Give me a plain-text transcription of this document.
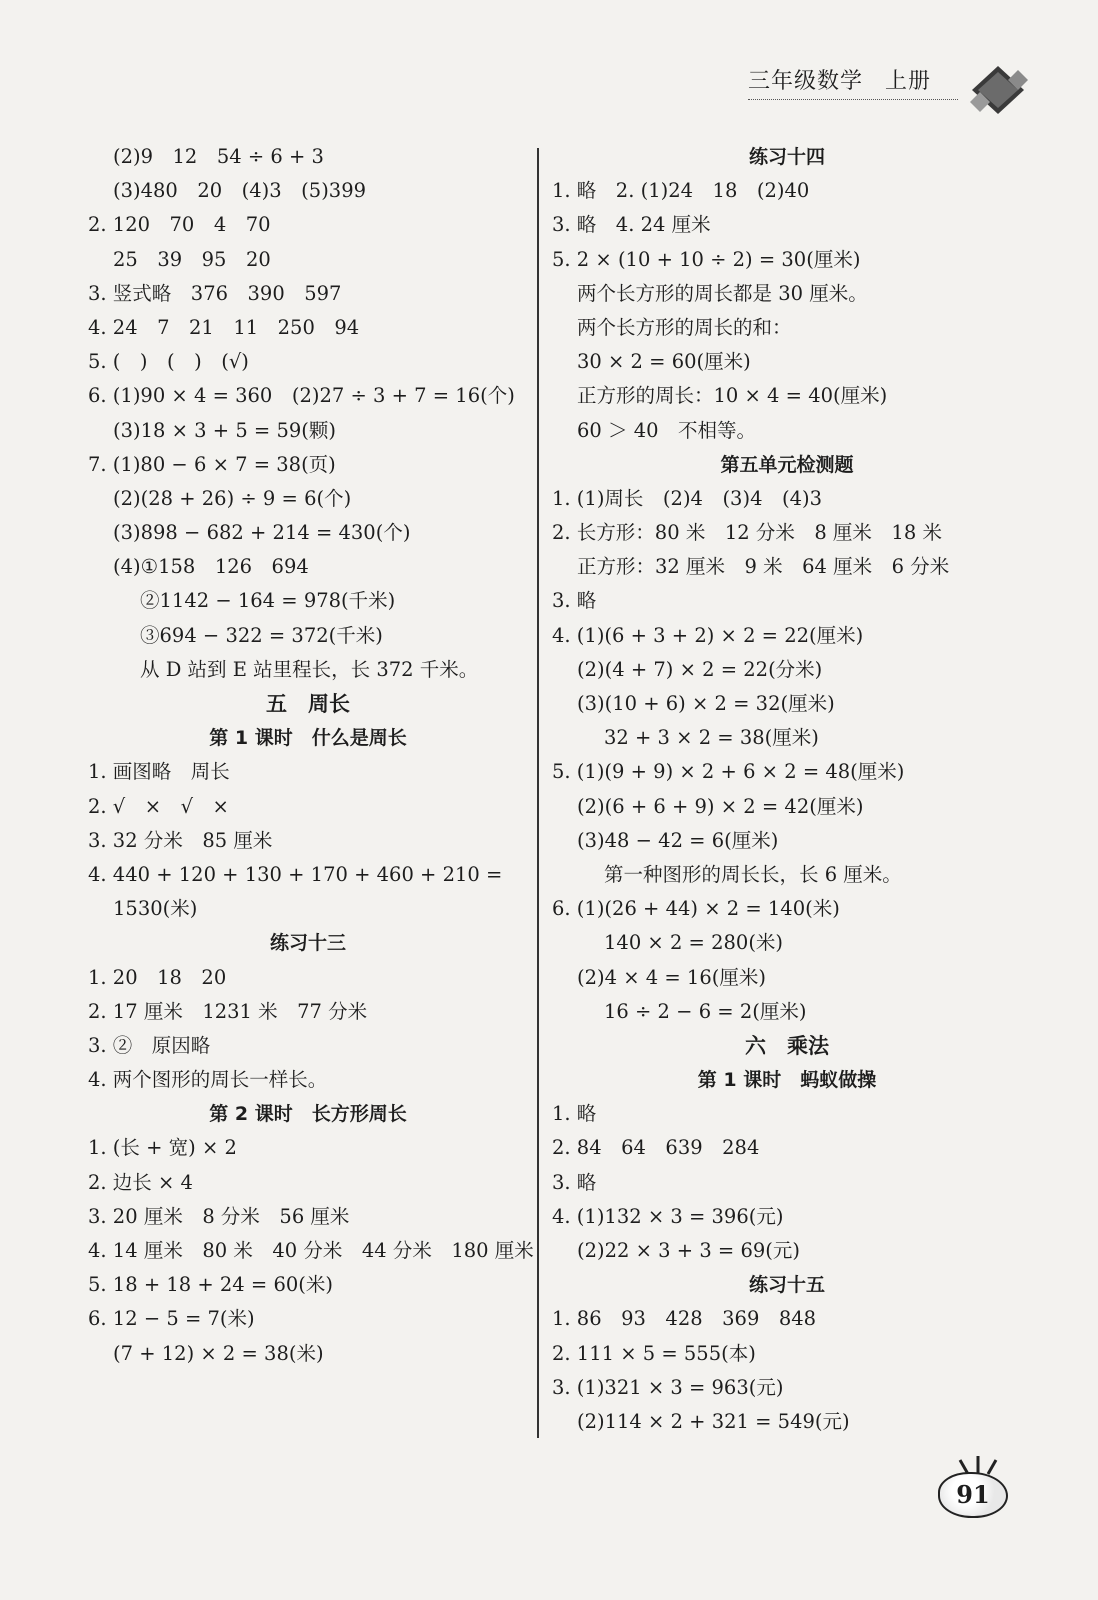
三年级数学 上册
(2)9　12　54 ÷ 6 + 3
(3)480　20　(4)3　(5)399
2. 120　70　4　70
25　39　95　20
3. 竖式略　376　390　597
4. 24　7　21　11　250　94
5. (　)　(　)　(√)
6. (1)90 × 4 = 360　(2)27 ÷ 3 + 7 = 16(个)
(3)18 × 3 + 5 = 59(颗)
7. (1)80 − 6 × 7 = 38(页)
(2)(28 + 26) ÷ 9 = 6(个)
(3)898 − 682 + 214 = 430(个)
(4)①158　126　694
②1142 − 164 = 978(千米)
③694 − 322 = 372(千米)
从 D 站到 E 站里程长，长 372 千米。
五　周长
第 1 课时　什么是周长
1. 画图略　周长
2. √　×　√　×
3. 32 分米　85 厘米
4. 440 + 120 + 130 + 170 + 460 + 210 =
1530(米)
练习十三
1. 20　18　20
2. 17 厘米　1231 米　77 分米
3. ②　原因略
4. 两个图形的周长一样长。
第 2 课时　长方形周长
1. (长 + 宽) × 2
2. 边长 × 4
3. 20 厘米　8 分米　56 厘米
4. 14 厘米　80 米　40 分米　44 分米　180 厘米
5. 18 + 18 + 24 = 60(米)
6. 12 − 5 = 7(米)
(7 + 12) × 2 = 38(米)
练习十四
1. 略　2. (1)24　18　(2)40
3. 略　4. 24 厘米
5. 2 × (10 + 10 ÷ 2) = 30(厘米)
两个长方形的周长都是 30 厘米。
两个长方形的周长的和：
30 × 2 = 60(厘米)
正方形的周长：10 × 4 = 40(厘米)
60 ＞ 40　不相等。
第五单元检测题
1. (1)周长　(2)4　(3)4　(4)3
2. 长方形：80 米　12 分米　8 厘米　18 米
正方形：32 厘米　9 米　64 厘米　6 分米
3. 略
4. (1)(6 + 3 + 2) × 2 = 22(厘米)
(2)(4 + 7) × 2 = 22(分米)
(3)(10 + 6) × 2 = 32(厘米)
32 + 3 × 2 = 38(厘米)
5. (1)(9 + 9) × 2 + 6 × 2 = 48(厘米)
(2)(6 + 6 + 9) × 2 = 42(厘米)
(3)48 − 42 = 6(厘米)
第一种图形的周长长，长 6 厘米。
6. (1)(26 + 44) × 2 = 140(米)
140 × 2 = 280(米)
(2)4 × 4 = 16(厘米)
16 ÷ 2 − 6 = 2(厘米)
六　乘法
第 1 课时　蚂蚁做操
1. 略
2. 84　64　639　284
3. 略
4. (1)132 × 3 = 396(元)
(2)22 × 3 + 3 = 69(元)
练习十五
1. 86　93　428　369　848
2. 111 × 5 = 555(本)
3. (1)321 × 3 = 963(元)
(2)114 × 2 + 321 = 549(元)
91
